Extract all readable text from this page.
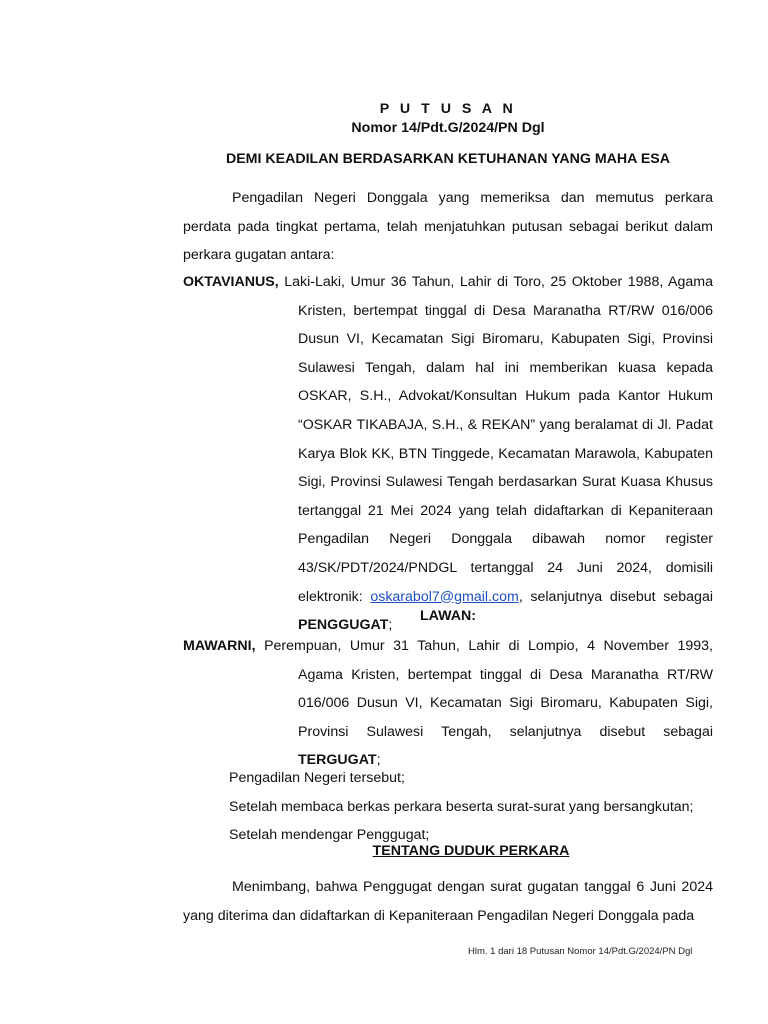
P U T U S A N
Nomor 14/Pdt.G/2024/PN Dgl
DEMI KEADILAN BERDASARKAN KETUHANAN YANG MAHA ESA
Pengadilan Negeri Donggala yang memeriksa dan memutus perkara perdata pada tingkat pertama, telah menjatuhkan putusan sebagai berikut dalam perkara gugatan antara:
OKTAVIANUS, Laki-Laki, Umur 36 Tahun, Lahir di Toro, 25 Oktober 1988, Agama
Kristen, bertempat tinggal di Desa Maranatha RT/RW 016/006 Dusun VI, Kecamatan Sigi Biromaru, Kabupaten Sigi, Provinsi Sulawesi Tengah, dalam hal ini memberikan kuasa kepada OSKAR, S.H., Advokat/Konsultan Hukum pada Kantor Hukum “OSKAR TIKABAJA, S.H., & REKAN” yang beralamat di Jl. Padat Karya Blok KK, BTN Tinggede, Kecamatan Marawola, Kabupaten Sigi, Provinsi Sulawesi Tengah berdasarkan Surat Kuasa Khusus tertanggal 21 Mei 2024 yang telah didaftarkan di Kepaniteraan Pengadilan Negeri Donggala dibawah nomor register 43/SK/PDT/2024/PNDGL tertanggal 24 Juni 2024, domisili elektronik: oskarabol7@gmail.com, selanjutnya disebut sebagai PENGGUGAT;
LAWAN:
MAWARNI, Perempuan, Umur 31 Tahun, Lahir di Lompio, 4 November 1993,
Agama Kristen, bertempat tinggal di Desa Maranatha RT/RW 016/006 Dusun VI, Kecamatan Sigi Biromaru, Kabupaten Sigi, Provinsi Sulawesi Tengah, selanjutnya disebut sebagai TERGUGAT;
Pengadilan Negeri tersebut;
Setelah membaca berkas perkara beserta surat-surat yang bersangkutan;
Setelah mendengar Penggugat;
TENTANG DUDUK PERKARA
Menimbang, bahwa Penggugat dengan surat gugatan tanggal 6 Juni 2024 yang diterima dan didaftarkan di Kepaniteraan Pengadilan Negeri Donggala pada
Hlm. 1 dari 18 Putusan Nomor 14/Pdt.G/2024/PN Dgl
